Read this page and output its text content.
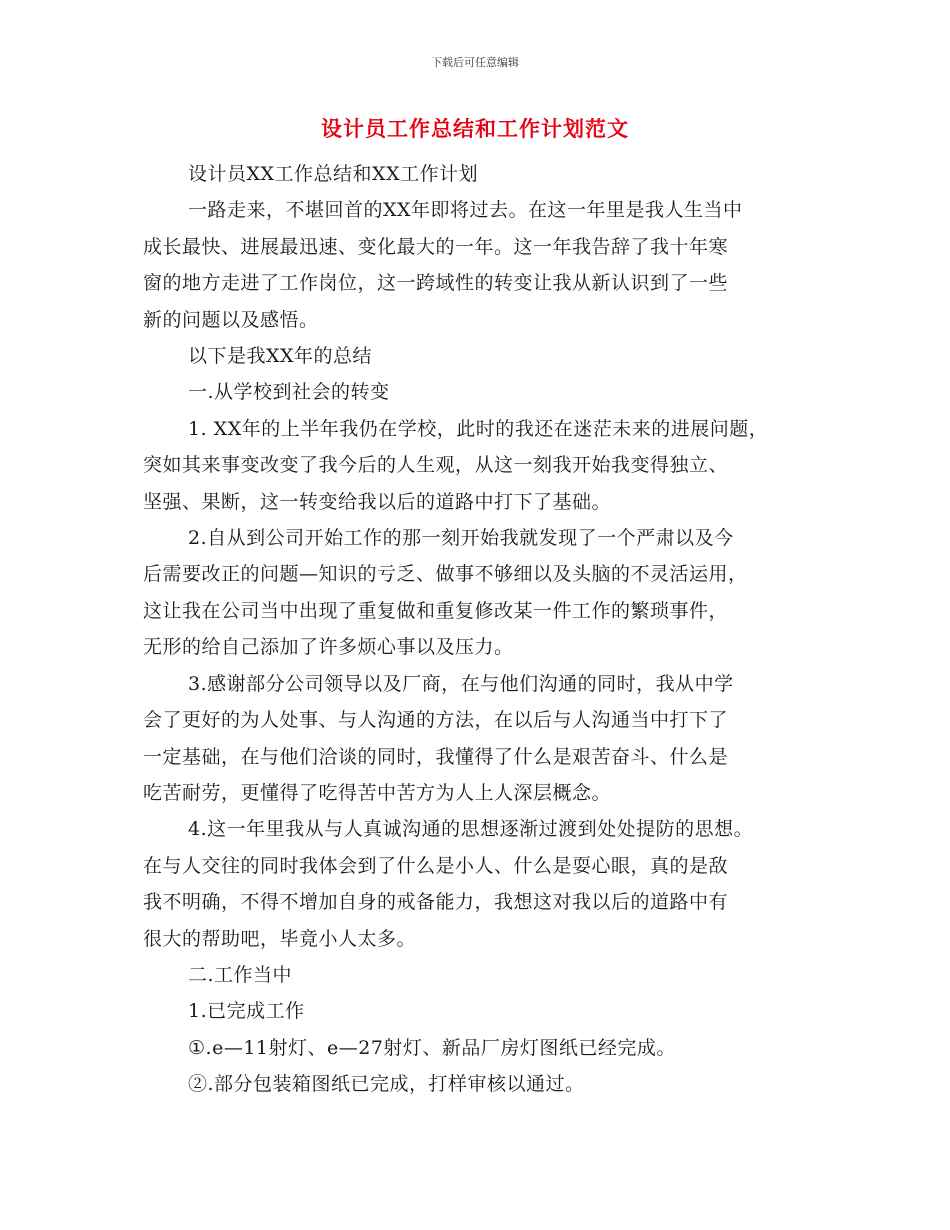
下载后可任意编辑
设计员工作总结和工作计划范文

设计员XX工作总结和XX工作计划

一路走来，不堪回首的XX年即将过去。在这一年里是我人生当中

成长最快、进展最迅速、变化最大的一年。这一年我告辞了我十年寒

窗的地方走进了工作岗位，这一跨域性的转变让我从新认识到了一些

新的问题以及感悟。

以下是我XX年的总结

一.从学校到社会的转变

1. XX年的上半年我仍在学校，此时的我还在迷茫未来的进展问题，

突如其来事变改变了我今后的人生观，从这一刻我开始我变得独立、

坚强、果断，这一转变给我以后的道路中打下了基础。

2.自从到公司开始工作的那一刻开始我就发现了一个严肃以及今

后需要改正的问题—知识的亏乏、做事不够细以及头脑的不灵活运用，

这让我在公司当中出现了重复做和重复修改某一件工作的繁琐事件，

无形的给自己添加了许多烦心事以及压力。

3.感谢部分公司领导以及厂商，在与他们沟通的同时，我从中学

会了更好的为人处事、与人沟通的方法，在以后与人沟通当中打下了

一定基础，在与他们洽谈的同时，我懂得了什么是艰苦奋斗、什么是

吃苦耐劳，更懂得了吃得苦中苦方为人上人深层概念。

4.这一年里我从与人真诚沟通的思想逐渐过渡到处处提防的思想。

在与人交往的同时我体会到了什么是小人、什么是耍心眼，真的是敌

我不明确，不得不增加自身的戒备能力，我想这对我以后的道路中有

很大的帮助吧，毕竟小人太多。

二.工作当中

1.已完成工作

①.e—11射灯、e—27射灯、新品厂房灯图纸已经完成。

②.部分包装箱图纸已完成，打样审核以通过。
